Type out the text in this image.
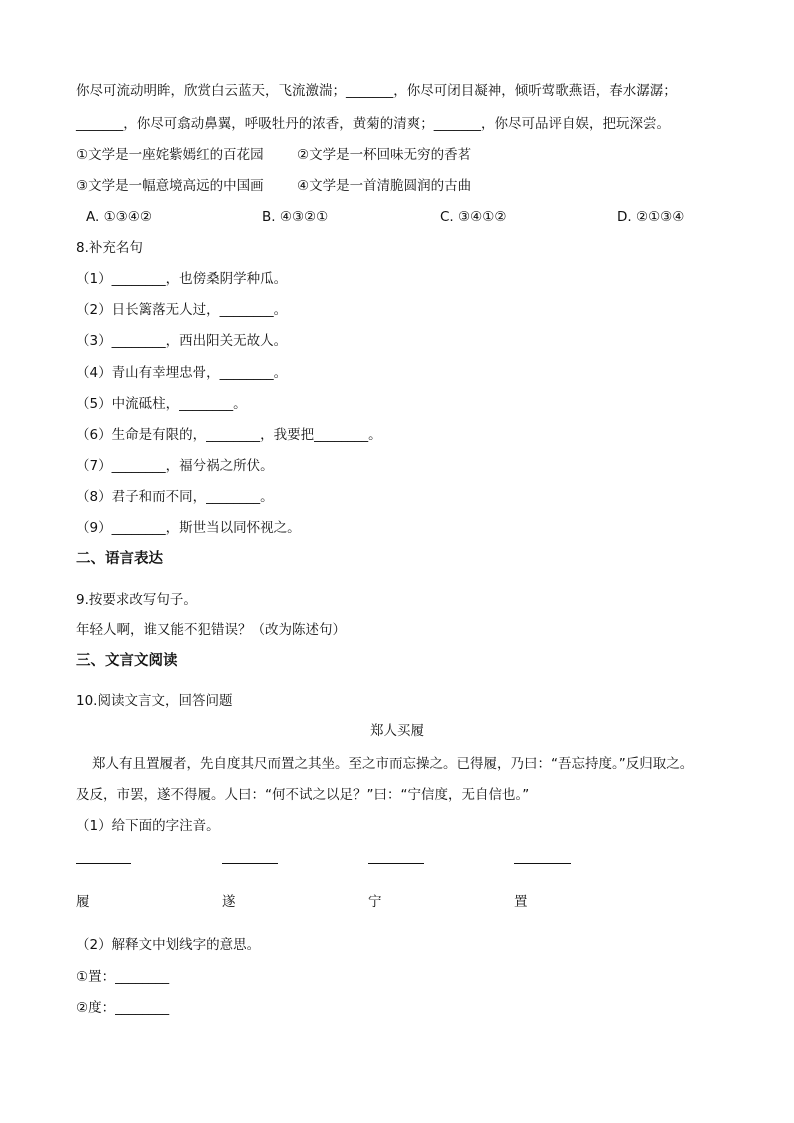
你尽可流动明眸，欣赏白云蓝天，飞流激湍；_______，你尽可闭目凝神，倾听莺歌燕语，春水潺潺；
_______，你尽可翕动鼻翼，呼吸牡丹的浓香，黄菊的清爽；_______，你尽可品评自娱，把玩深尝。
①文学是一座姹紫嫣红的百花园 ②文学是一杯回味无穷的香茗
③文学是一幅意境高远的中国画 ④文学是一首清脆圆润的古曲
A. ①③④②	B. ④③②①	C. ③④①②	D. ②①③④
8.补充名句
（1）________，也傍桑阴学种瓜。
（2）日长篱落无人过，________。
（3）________，西出阳关无故人。
（4）青山有幸埋忠骨，________。
（5）中流砥柱，________。
（6）生命是有限的，________，我要把________。
（7）________，福兮祸之所伏。
（8）君子和而不同，________。
（9）________，斯世当以同怀视之。
二、语言表达
9.按要求改写句子。
年轻人啊，谁又能不犯错误？（改为陈述句）
三、文言文阅读
10.阅读文言文，回答问题
郑人买履
郑人有且置履者，先自度其尺而置之其坐。至之市而忘操之。已得履，乃曰：“吾忘持度。”反归取之。
及反，市罢，遂不得履。人曰：“何不试之以足？”曰：“宁信度，无自信也。”
（1）给下面的字注音。
履	遂	宁	置
（2）解释文中划线字的意思。
①置：________
②度：________
